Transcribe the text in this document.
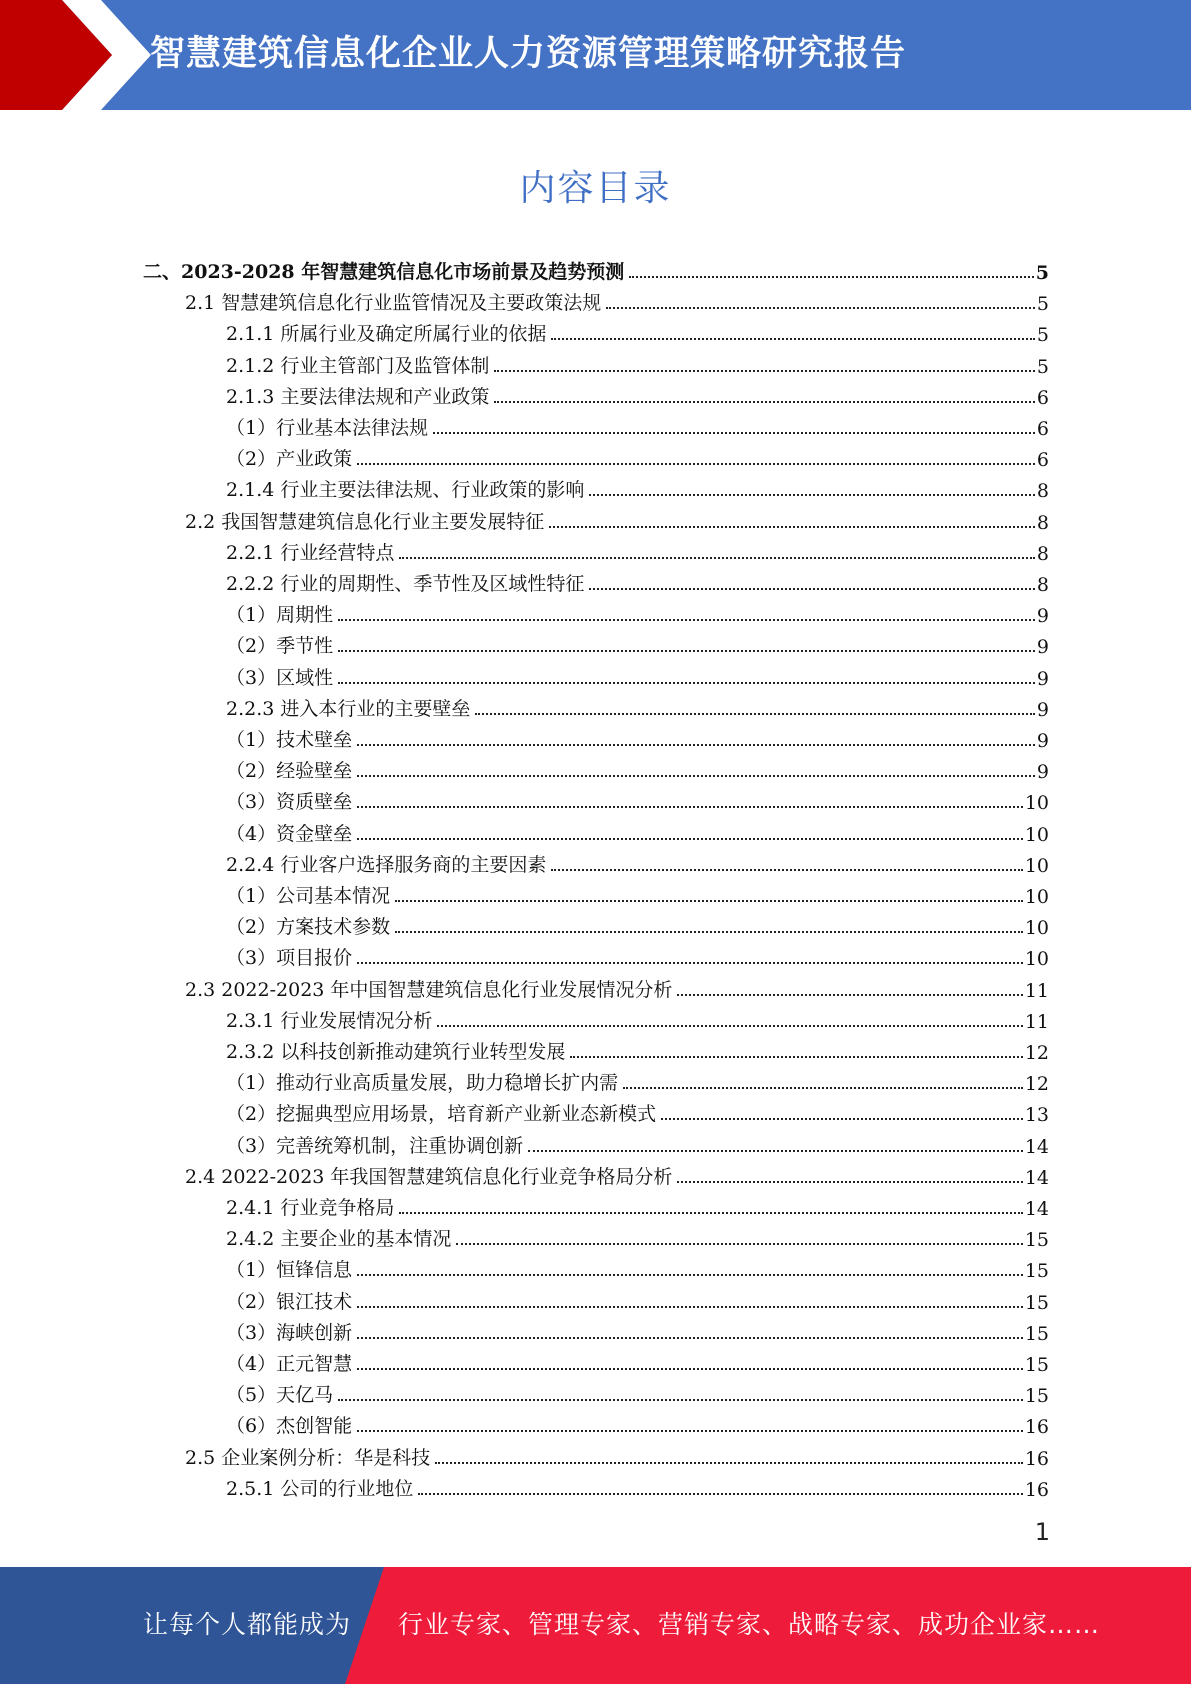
智慧建筑信息化企业人力资源管理策略研究报告
内容目录
二、2023-2028 年智慧建筑信息化市场前景及趋势预测	5
2.1 智慧建筑信息化行业监管情况及主要政策法规	5
2.1.1 所属行业及确定所属行业的依据	5
2.1.2 行业主管部门及监管体制	5
2.1.3 主要法律法规和产业政策	6
（1）行业基本法律法规	6
（2）产业政策	6
2.1.4 行业主要法律法规、行业政策的影响	8
2.2 我国智慧建筑信息化行业主要发展特征	8
2.2.1 行业经营特点	8
2.2.2 行业的周期性、季节性及区域性特征	8
（1）周期性	9
（2）季节性	9
（3）区域性	9
2.2.3 进入本行业的主要壁垒	9
（1）技术壁垒	9
（2）经验壁垒	9
（3）资质壁垒	10
（4）资金壁垒	10
2.2.4 行业客户选择服务商的主要因素	10
（1）公司基本情况	10
（2）方案技术参数	10
（3）项目报价	10
2.3 2022-2023 年中国智慧建筑信息化行业发展情况分析	11
2.3.1 行业发展情况分析	11
2.3.2 以科技创新推动建筑行业转型发展	12
（1）推动行业高质量发展，助力稳增长扩内需	12
（2）挖掘典型应用场景，培育新产业新业态新模式	13
（3）完善统筹机制，注重协调创新	14
2.4 2022-2023 年我国智慧建筑信息化行业竞争格局分析	14
2.4.1 行业竞争格局	14
2.4.2 主要企业的基本情况	15
（1）恒锋信息	15
（2）银江技术	15
（3）海峡创新	15
（4）正元智慧	15
（5）天亿马	15
（6）杰创智能	16
2.5 企业案例分析：华是科技	16
2.5.1 公司的行业地位	16
1
让每个人都能成为 行业专家、管理专家、营销专家、战略专家、成功企业家……
